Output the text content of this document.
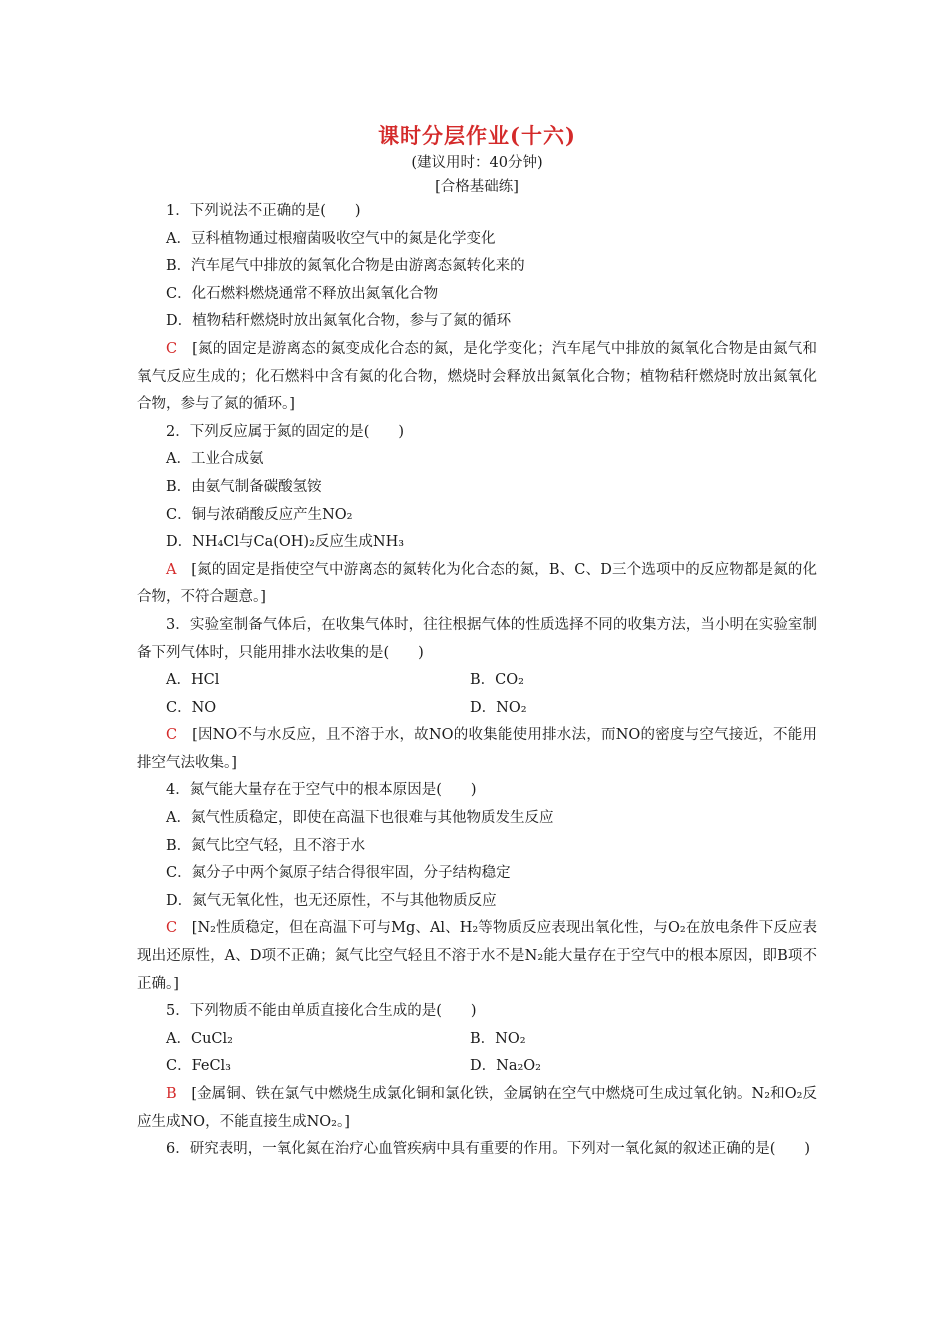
课时分层作业(十六)

(建议用时：40分钟)

[合格基础练]

1．下列说法不正确的是(　　)

A．豆科植物通过根瘤菌吸收空气中的氮是化学变化

B．汽车尾气中排放的氮氧化合物是由游离态氮转化来的

C．化石燃料燃烧通常不释放出氮氧化合物

D．植物秸秆燃烧时放出氮氧化合物，参与了氮的循环

C　 [氮的固定是游离态的氮变成化合态的氮，是化学变化；汽车尾气中排放的氮氧化合物是由氮气和氧气反应生成的；化石燃料中含有氮的化合物，燃烧时会释放出氮氧化合物；植物秸秆燃烧时放出氮氧化合物，参与了氮的循环。]

2．下列反应属于氮的固定的是(　　)

A．工业合成氨

B．由氨气制备碳酸氢铵

C．铜与浓硝酸反应产生NO₂

D．NH₄Cl与Ca(OH)₂反应生成NH₃

A　 [氮的固定是指使空气中游离态的氮转化为化合态的氮，B、C、D三个选项中的反应物都是氮的化合物，不符合题意。]

3．实验室制备气体后，在收集气体时，往往根据气体的性质选择不同的收集方法，当小明在实验室制备下列气体时，只能用排水法收集的是(　　)

A．HCl	B．CO₂
C．NO	D．NO₂

C　 [因NO不与水反应，且不溶于水，故NO的收集能使用排水法，而NO的密度与空气接近，不能用排空气法收集。]

4．氮气能大量存在于空气中的根本原因是(　　)

A．氮气性质稳定，即使在高温下也很难与其他物质发生反应

B．氮气比空气轻，且不溶于水

C．氮分子中两个氮原子结合得很牢固，分子结构稳定

D．氮气无氧化性，也无还原性，不与其他物质反应

C　 [N₂性质稳定，但在高温下可与Mg、Al、H₂等物质反应表现出氧化性，与O₂在放电条件下反应表现出还原性，A、D项不正确；氮气比空气轻且不溶于水不是N₂能大量存在于空气中的根本原因，即B项不正确。]

5．下列物质不能由单质直接化合生成的是(　　)

A．CuCl₂	B．NO₂
C．FeCl₃	D．Na₂O₂

B　 [金属铜、铁在氯气中燃烧生成氯化铜和氯化铁，金属钠在空气中燃烧可生成过氧化钠。N₂和O₂反应生成NO，不能直接生成NO₂。]

6．研究表明，一氧化氮在治疗心血管疾病中具有重要的作用。下列对一氧化氮的叙述正确的是(　　)
